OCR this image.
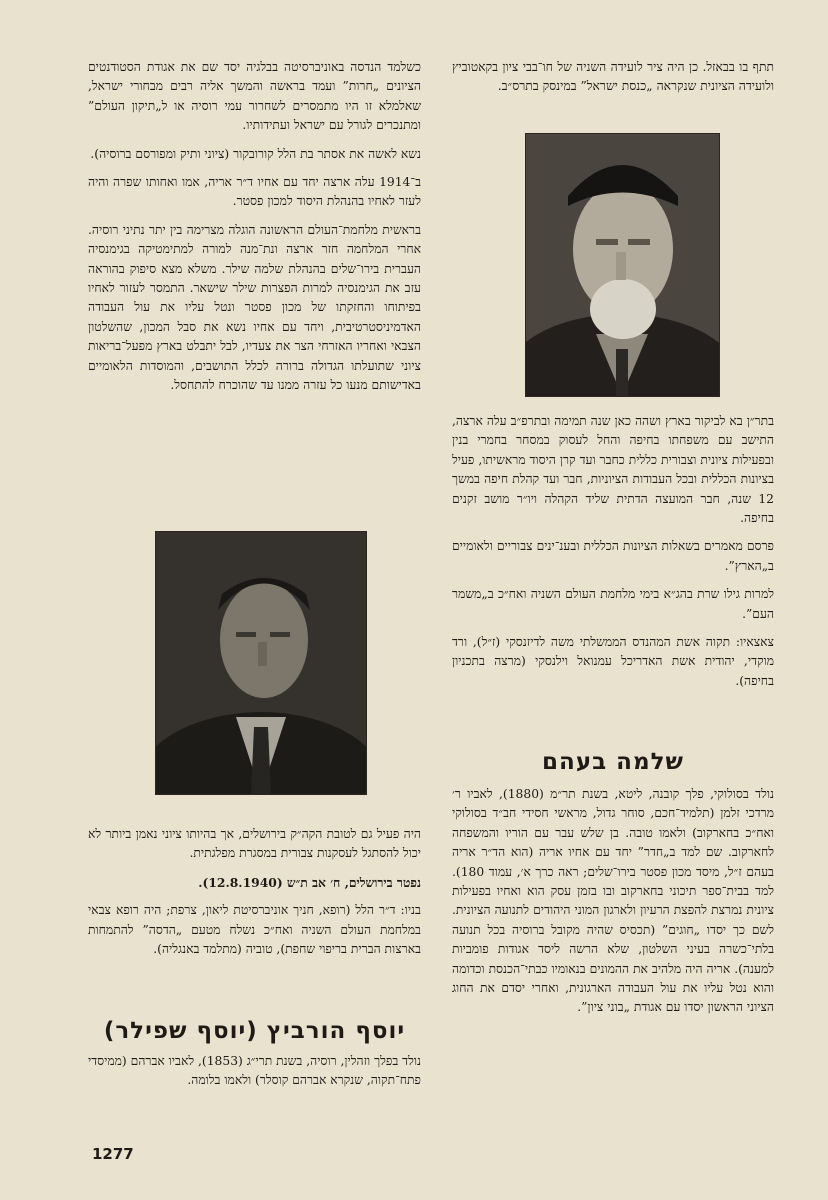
תתף בו בבאזל. כן היה ציר לועידה השניה של חו־בבי ציון בקאטוביץ ולועידה הציונית שנקראה „כנסת ישראל” במינסק בתרס״ב.

בתר״ן בא לביקור בארץ ושהה כאן שנה תמימה ובתרפ״ב עלה ארצה, התישב עם משפחתו בחיפה והחל לעסוק במסחר בחמרי בנין ובפעילות ציונית וצבורית כללית כחבר ועד קרן היסוד מראשיתו, פעיל בציונות הכללית ובכל העבודות הציוניות, חבר ועד קהלת חיפה במשך 12 שנה, חבר המועצה הדתית שליד הקהלה ויו״ר מושב זקנים בחיפה.

פרסם מאמרים בשאלות הציונות הכללית ובענ־ינים צבוריים ולאומיים ב„הארץ”.

למרות גילו שרת בהג״א בימי מלחמת העולם השניה ואח״כ ב„משמר העם”.

צאצאיו: תקוה אשת המהנדס הממשלתי משה לדיזנסקי (ז״ל), ורד מוקדי, יהודית אשת האדריכל עמנואל וילנסקי (מרצה בתכניון בחיפה).

שלמה בעהם

נולד בסולוקי, פלך קובנה, ליטא, בשנת תר״מ (1880), לאביו ר׳ מרדכי זלמן (תלמיד־חכם, סוחר גדול, מראשי חסידי חב״ד בסולוקי ואח״כ בחארקוב) ולאמו טובה. בן שלש עבר עם הוריו והמשפחה לחארקוב. שם למד ב„חדר” יחד עם אחיו אריה (הוא הד״ר אריה בעהם ז״ל, מיסד מכון פסטר בירו־שלים; ראה כרך א׳, עמוד 180). למד בבית־ספר תיכוני בחארקוב ובו בזמן עסק הוא ואחיו בפעילות ציונית נמרצת להפצת הרעיון ולארגון המוני היהודים לתנועה הציונית. לשם כך יסדו „חוגים” (תכסיס שהיה מקובל ברוסיה בכל תנועה בלתי־כשרה בעיני השלטון, שלא הרשה ליסד אגודות פומביות למענה). אריה היה מלהיב את ההמונים בנאומיו כבתי־הכנסת וכדומה והוא נטל עליו את עול העבודה הארגונית, ואחרי יסדם את החוג הציוני הראשון יסדו עם אגודת „בוני ציון”.

כשלמד הנדסה באוניברסיטה בבלגיה יסד שם את אגודת הסטודנטים הציונים „חרות” ועמד בראשה והמשך אליה רבים מבחורי ישראל, שאלמלא זו היו מתמסרים לשחרור עמי רוסיה או ל„תיקון העולם” ומתנכרים לגורל עם ישראל ועתידותיו.

נשא לאשה את אסתר בת הלל קורובקור (ציוני ותיק ומפורסם ברוסיה).

ב־1914 עלה ארצה יחד עם אחיו ד״ר אריה, אמו ואחותו שפרה והיה לעזר לאחיו בהנהלת היסוד למכון פסטר.

בראשית מלחמת־העולם הראשונה הוגלה מצרימה בין יתר נתיני רוסיה. אחרי המלחמה חזר ארצה ונת־מנה למורה למתימטיקה בגימנסיה העברית בירו־שלים בהנהלת שלמה שילר. משלא מצא סיפוק בהוראה עזב את הגימנסיה למרות הפצרות שילר שישאר. התמסר לעזור לאחיו בפיתוחו והחזקתו של מכון פסטר ונטל עליו את עול העבודה האדמיניסטרטיבית, ויחד עם אחיו נשא את סבל המכון, שהשלטון הצבאי ואחריו האזרחי הצר את צעדיו, לבל יתבלט בארץ מפעל־בריאות ציוני שתועלתו הגדולה ברורה לכלל התושבים, והמוסדות הלאומיים באדישותם מנעו כל עזרה ממנו עד שהוכרח להתחסל.

היה פעיל גם לטובת הקה״ק בירושלים, אך בהיותו ציוני נאמן ביותר לא יכול להסתגל לעסקנות צבורית במסגרת מפלגתית.

נפטר בירושלים, ח׳ אב ת״ש (12.8.1940).

בניו: ד״ר הלל (רופא, חניך אוניברסיטת ליאון, צרפת; היה רופא צבאי במלחמת העולם השניה ואח״כ נשלח מטעם „הדסה” להתמחות בארצות הברית בריפוי שחפת), טוביה (מתלמד באנגליה).

יוסף הורביץ (יוסף שפילר)

נולד בפלך וזהלין, רוסיה, בשנת תרי״ג (1853), לאביו אברהם (ממיסדי פתח־תקוה, שנקרא אברהם קוסלר) ולאמו בלומה.

1277
